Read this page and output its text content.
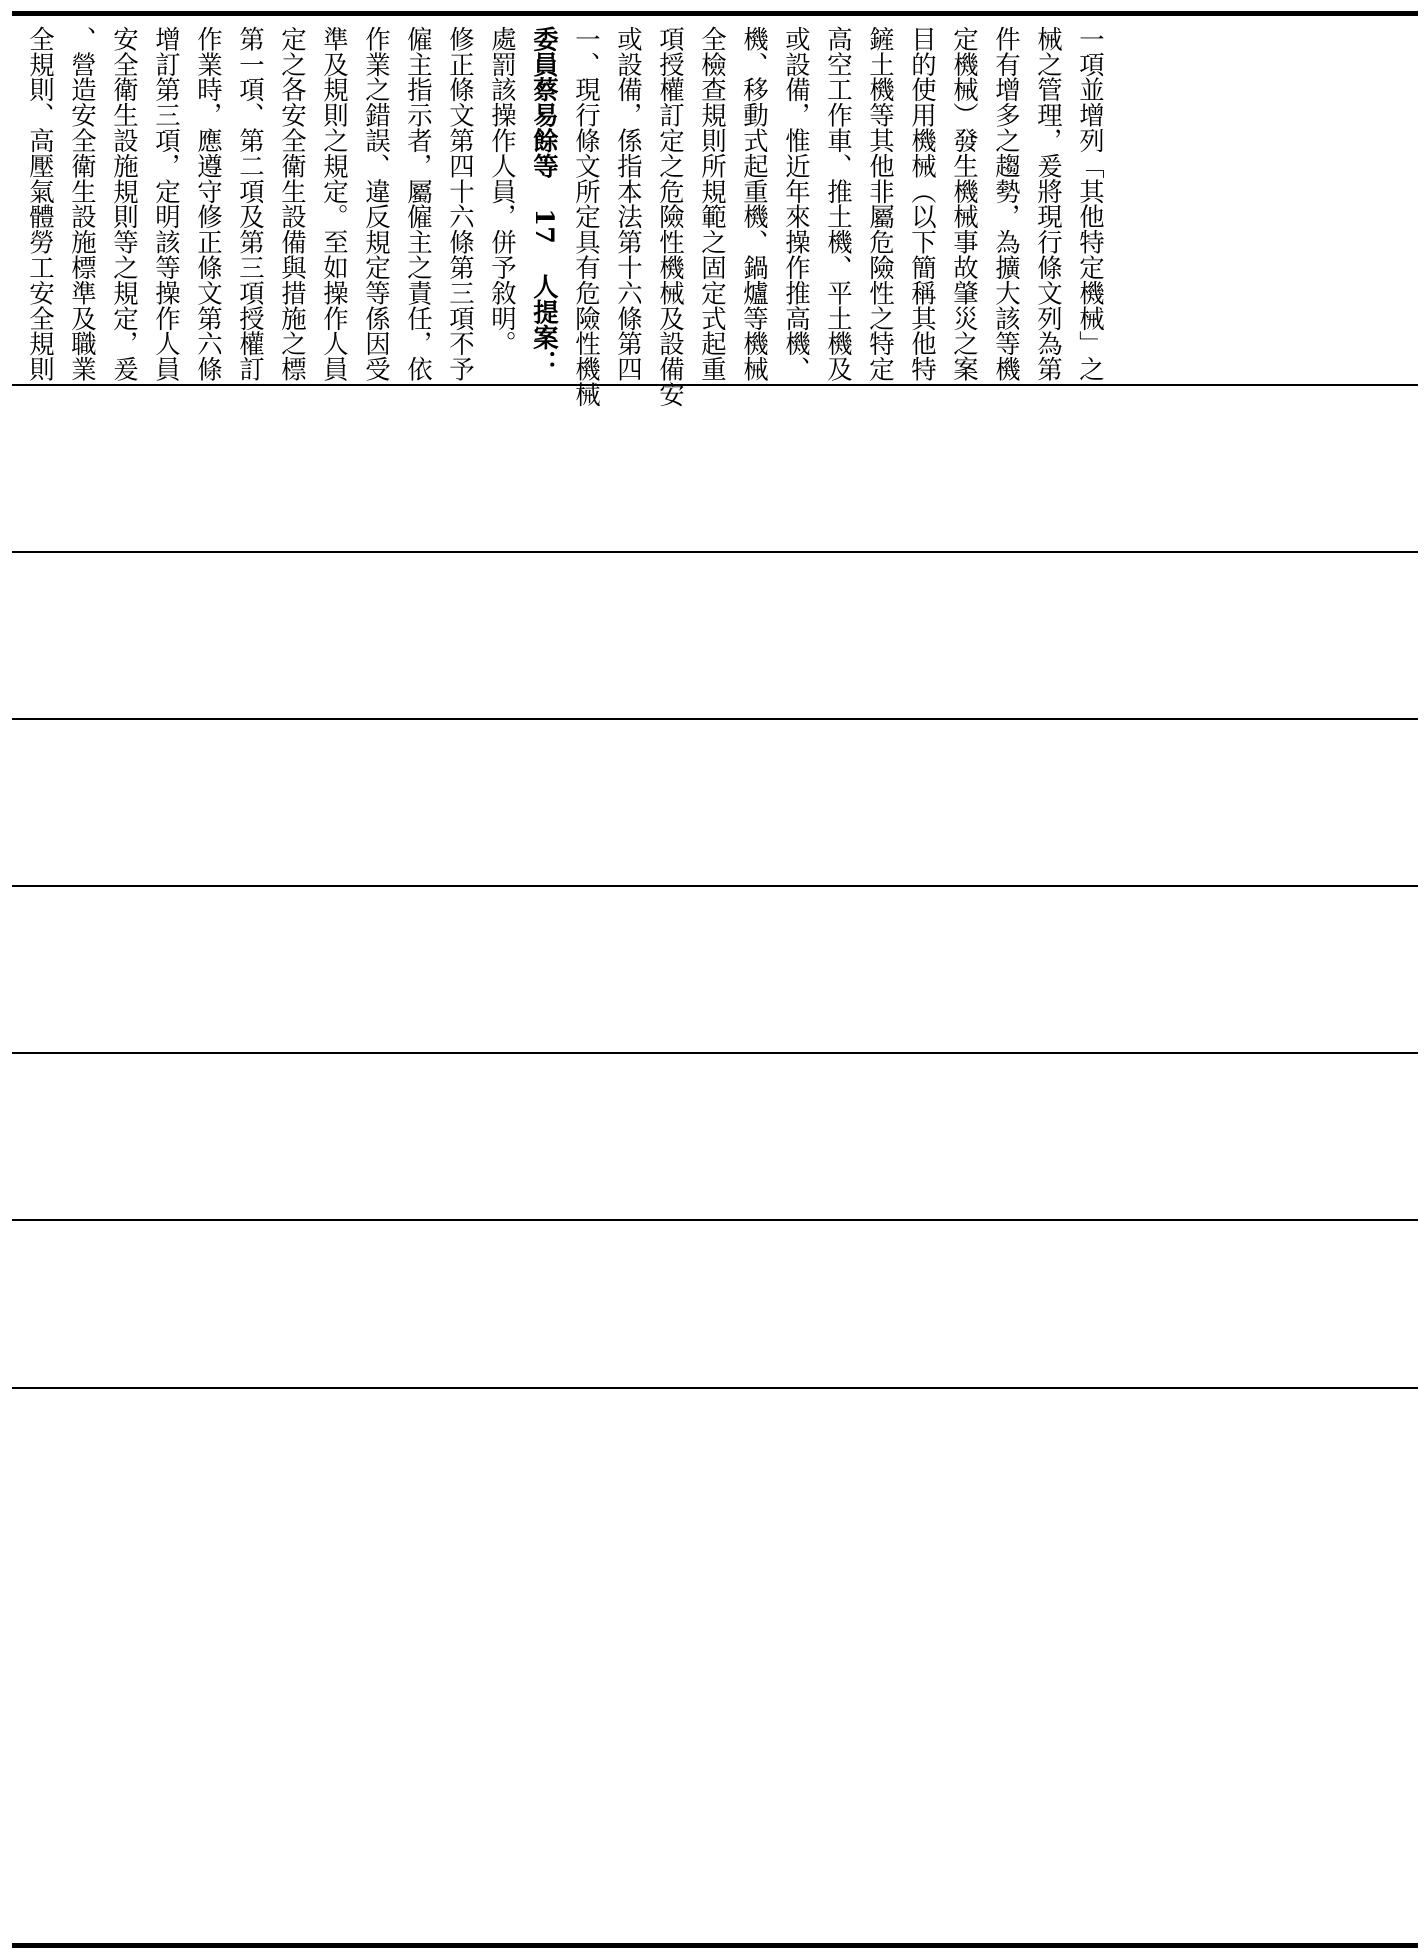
全規則、高壓氣體勞工安全規則 、營造安全衛生設施標準及職業 安全衛生設施規則等之規定，爰 增訂第三項，定明該等操作人員 作業時，應遵守修正條文第六條 第一項、第二項及第三項授權訂 定之各安全衛生設備與措施之標 準及規則之規定。至如操作人員 作業之錯誤、違反規定等係因受 僱主指示者，屬僱主之責任，依 修正條文第四十六條第三項不予 處罰該操作人員，併予敘明。 委員蔡易餘等 17 人提案： 一、現行條文所定具有危險性機械 或設備，係指本法第十六條第四 項授權訂定之危險性機械及設備安 全檢查規則所規範之固定式起重 機、移動式起重機、鍋爐等機械 或設備，惟近年來操作推高機、 高空工作車、推土機、平土機及 鏟土機等其他非屬危險性之特定 目的使用機械（以下簡稱其他特 定機械）發生機械事故肇災之案 件有增多之趨勢，為擴大該等機 械之管理，爰將現行條文列為第 一項並增列「其他特定機械」之
